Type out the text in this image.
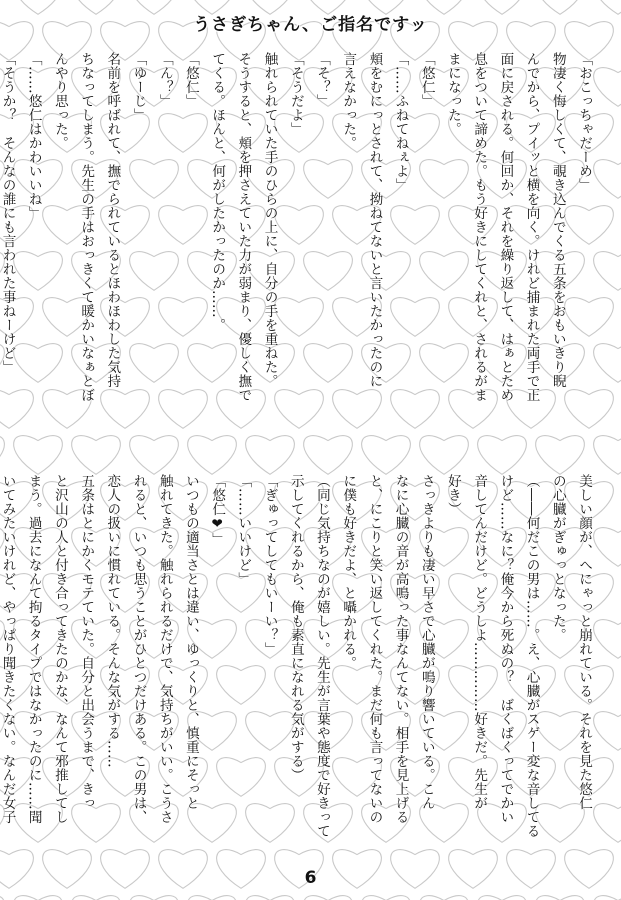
うさぎちゃん、ご指名ですッ
「おこっちゃだーめ」
物凄く悔しくて、覗き込んでくる五条をおもいきり睨
んでから、プイッと横を向く。けれど捕まれた両手で正
面に戻される。何回か、それを繰り返して、はぁとため
息をついて諦めた。もう好きにしてくれと、されるがま
まになった。
「悠仁」
「……ふねてねぇよ」
頬をむにっとされて、拗ねてないと言いたかったのに
言えなかった。
「そ？」
「そうだよ」
触れられていた手のひらの上に、自分の手を重ねた。
そうすると、頬を押さえていた力が弱まり、優しく撫で
てくる。ほんと、何がしたかったのか……。
「悠仁」
「ん？」
「ゆーじ」
名前を呼ばれて、撫でられているとほわほわした気持
ちなってしまう。先生の手はおっきくて暖かいなぁとぼ
んやり思った。
「……悠仁はかわいいね」
「そうか？　そんなの誰にも言われた事ねーけど」
美しい顔が、へにゃっと崩れている。それを見た悠仁
の心臓がぎゅっとなった。
（――何だこの男は……。え、心臓がスゲー変な音してる
けど……なに？俺今から死ぬの？　ばくばくってでかい
音してんだけど。どうしよ……………好きだ。先生が
好き）
さっきよりも凄い早さで心臓が鳴り響いている。こん
なに心臓の音が高鳴った事なんてない。相手を見上げる
と、にこりと笑い返してくれた。まだ何も言ってないの
に僕も好きだよ、と囁かれる。
（同じ気持ちなのが嬉しい。先生が言葉や態度で好きって
示してくれるから、俺も素直になれる気がする）
「ぎゅってしてもいーい？」
「……いいけど」
「悠仁❤」
いつもの適当さとは違い、ゆっくりと、慎重にそっと
触れてきた。触れられるだけで、気持ちがいい。こうさ
れると、いつも思うことがひとつだけある。この男は、
恋人の扱いに慣れている。そんな気がする……
五条はとにかくモテていた。自分と出会うまで、きっ
と沢山の人と付き合ってきたのかな、なんて邪推してし
まう。過去になんて拘るタイプではなかったのに……聞
いてみたいけれど、やっぱり聞きたくない。なんだ女子
6
